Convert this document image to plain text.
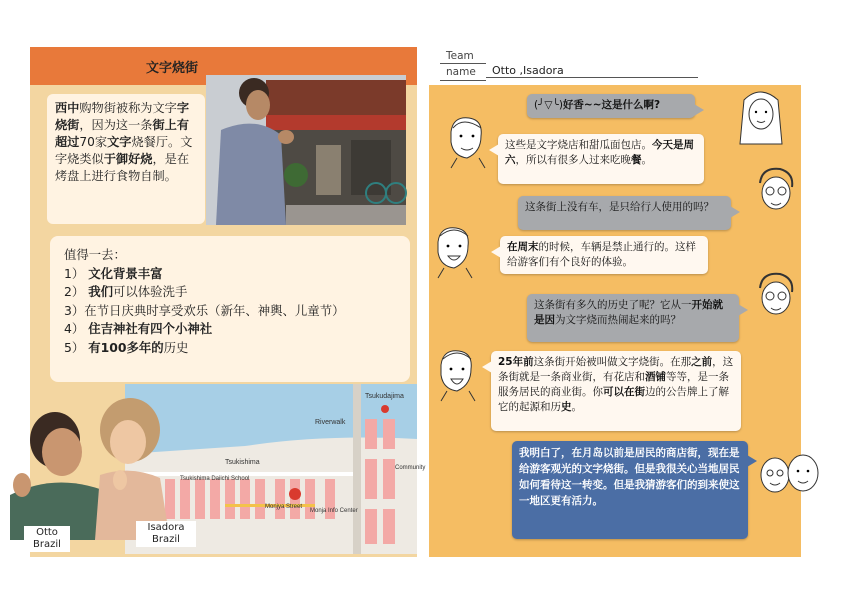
文字烧街
西中购物街被称为文字字烧街，因为这一条街上有超过70家文字烧餐厅。文字烧类似于御好烧，是在烤盘上进行食物自制。
值得一去：
1） 文化背景丰富
2） 我们可以体验洗手
3）在节日庆典时享受欢乐（新年、神輿、儿童节）
4） 住吉神社有四个小神社
5） 有100多年的历史
Tsukudajima
Riverwalk
Tsukishima
Monjya Street
Monja Info Center
Tsukishima Daiichi School
Community
Otto
Brazil
Isadora
Brazil
Team
name Otto ,Isadora
(╯▽╰)好香~~这是什么啊?
这些是文字烧店和甜瓜面包店。今天是周六，所以有很多人过来吃晚餐。
这条街上没有车，是只给行人使用的吗？
在周末的时候，车辆是禁止通行的。这样给游客们有个良好的体验。
这条街有多久的历史了呢？它从一开始就是因为文字烧而热闹起来的吗？
25年前这条街开始被叫做文字烧街。在那之前，这条街就是一条商业街，有花店和酒铺等等，是一条服务居民的商业街。你可以在街边的公告牌上了解它的起源和历史。
我明白了，在月岛以前是居民的商店街，现在是给游客观光的文字烧街。但是我很关心当地居民如何看待这一转变。但是我猜游客们的到来使这一地区更有活力。
